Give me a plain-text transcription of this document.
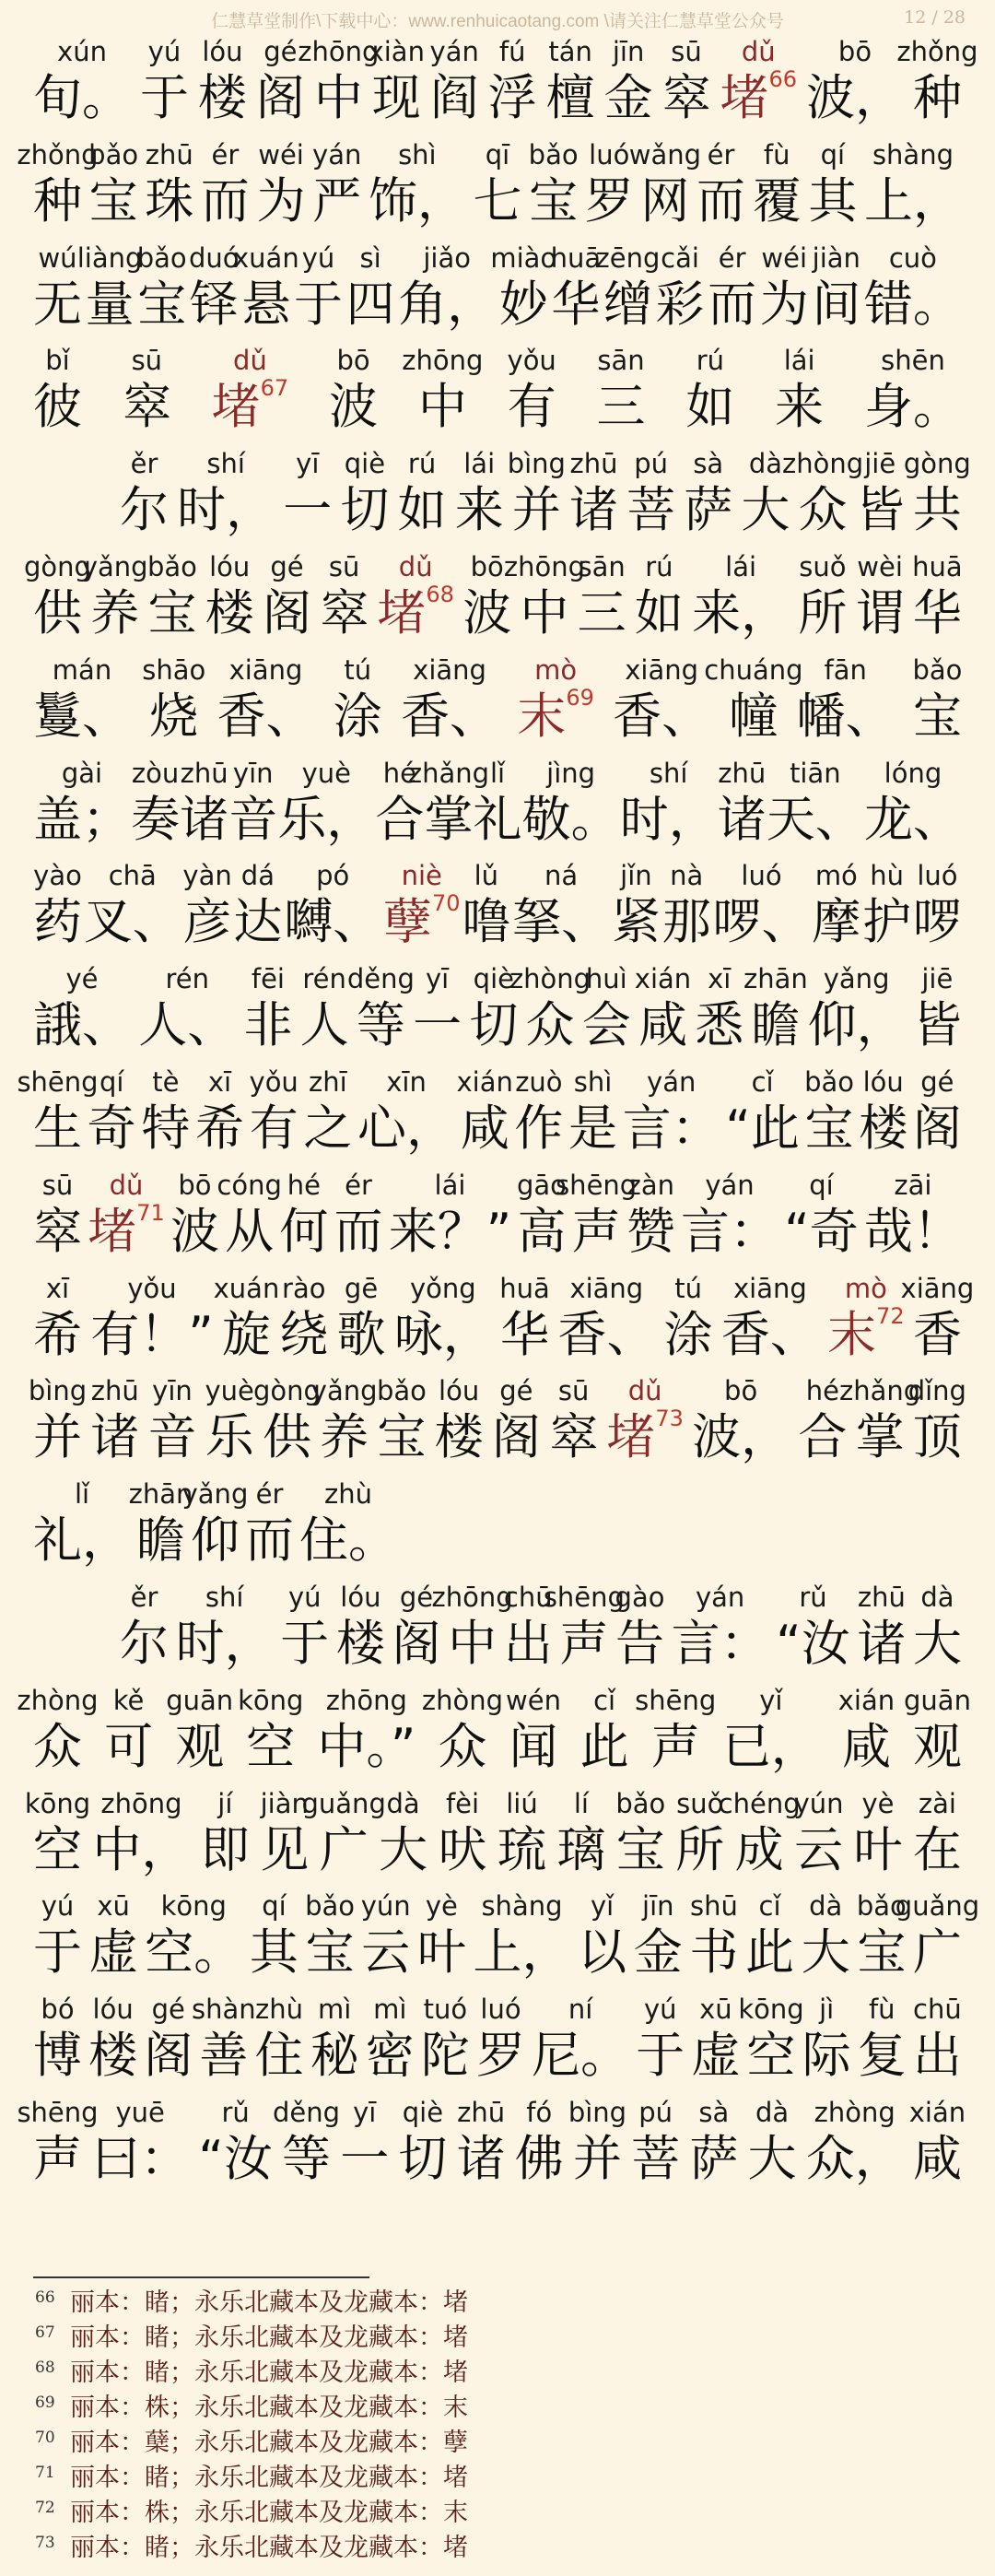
仁慧草堂制作\下载中心：www.renhuicaotang.com \请关注仁慧草堂公众号	12 / 28
xún
旬。
yú
于
lóu
楼
gé
阁
zhōng
中
xiàn
现
yán
阎
fú
浮
tán
檀
jīn
金
sū
窣
dǔ
堵$^{66}$
bō
波，
zhǒng
种
zhǒng
种
bǎo
宝
zhū
珠
ér
而
wéi
为
yán
严
shì
饰，
qī
七
bǎo
宝
luó
罗
wǎng
网
ér
而
fù
覆
qí
其
shàng
上，
wú
无
liàng
量
bǎo
宝
duó
铎
xuán
悬
yú
于
sì
四
jiǎo
角，
miào
妙
huā
华
zēng
缯
cǎi
彩
ér
而
wéi
为
jiàn
间
cuò
错。
bǐ
彼
sū
窣
dǔ
堵$^{67}$
bō
波
zhōng
中
yǒu
有
sān
三
rú
如
lái
来
shēn
身。
ěr
尔
shí
时，
yī
一
qiè
切
rú
如
lái
来
bìng
并
zhū
诸
pú
菩
sà
萨
dà
大
zhòng
众
jiē
皆
gòng
共
gòng
供
yǎng
养
bǎo
宝
lóu
楼
gé
阁
sū
窣
dǔ
堵$^{68}$
bō
波
zhōng
中
sān
三
rú
如
lái
来，
suǒ
所
wèi
谓
huā
华
mán
鬘、
shāo
烧
xiāng
香、
tú
涂
xiāng
香、
mò
末$^{69}$
xiāng
香、
chuáng
幢
fān
幡、
bǎo
宝
gài
盖；
zòu
奏
zhū
诸
yīn
音
yuè
乐，
hé
合
zhǎng
掌
lǐ
礼
jìng
敬。
shí
时，
zhū
诸
tiān
天、
lóng
龙、
yào
药
chā
叉、
yàn
彦
dá
达
pó
嚩、
niè
孽$^{70}$
lǔ
噜
ná
拏、
jǐn
紧
nà
那
luó
啰、
mó
摩
hù
护
luó
啰
yé
誐、
rén
人、
fēi
非
rén
人
děng
等
yī
一
qiè
切
zhòng
众
huì
会
xián
咸
xī
悉
zhān
瞻
yǎng
仰，
jiē
皆
shēng
生
qí
奇
tè
特
xī
希
yǒu
有
zhī
之
xīn
心，
xián
咸
zuò
作
shì
是
yán
言：
cǐ
“此
bǎo
宝
lóu
楼
gé
阁
sū
窣
dǔ
堵$^{71}$
bō
波
cóng
从
hé
何
ér
而
lái
来？”
gāo
高
shēng
声
zàn
赞
yán
言：
qí
“奇
zāi
哉！
xī
希
yǒu
有！”
xuán
旋
rào
绕
gē
歌
yǒng
咏，
huā
华
xiāng
香、
tú
涂
xiāng
香、
mò
末$^{72}$
xiāng
香
bìng
并
zhū
诸
yīn
音
yuè
乐
gòng
供
yǎng
养
bǎo
宝
lóu
楼
gé
阁
sū
窣
dǔ
堵$^{73}$
bō
波，
hé
合
zhǎng
掌
dǐng
顶
lǐ
礼，
zhān
瞻
yǎng
仰
ér
而
zhù
住。
ěr
尔
shí
时，
yú
于
lóu
楼
gé
阁
zhōng
中
chū
出
shēng
声
gào
告
yán
言：
rǔ
“汝
zhū
诸
dà
大
zhòng
众
kě
可
guān
观
kōng
空
zhōng
中。”
zhòng
众
wén
闻
cǐ
此
shēng
声
yǐ
已，
xián
咸
guān
观
kōng
空
zhōng
中，
jí
即
jiàn
见
guǎng
广
dà
大
fèi
吠
liú
琉
lí
璃
bǎo
宝
suǒ
所
chéng
成
yún
云
yè
叶
zài
在
yú
于
xū
虚
kōng
空。
qí
其
bǎo
宝
yún
云
yè
叶
shàng
上，
yǐ
以
jīn
金
shū
书
cǐ
此
dà
大
bǎo
宝
guǎng
广
bó
博
lóu
楼
gé
阁
shàn
善
zhù
住
mì
秘
mì
密
tuó
陀
luó
罗
ní
尼。
yú
于
xū
虚
kōng
空
jì
际
fù
复
chū
出
shēng
声
yuē
曰：
rǔ
“汝
děng
等
yī
一
qiè
切
zhū
诸
fó
佛
bìng
并
pú
菩
sà
萨
dà
大
zhòng
众，
xián
咸
66 丽本：睹；永乐北藏本及龙藏本：堵
67 丽本：睹；永乐北藏本及龙藏本：堵
68 丽本：睹；永乐北藏本及龙藏本：堵
69 丽本：株；永乐北藏本及龙藏本：末
70 丽本：蘖；永乐北藏本及龙藏本：孽
71 丽本：睹；永乐北藏本及龙藏本：堵
72 丽本：株；永乐北藏本及龙藏本：末
73 丽本：睹；永乐北藏本及龙藏本：堵
